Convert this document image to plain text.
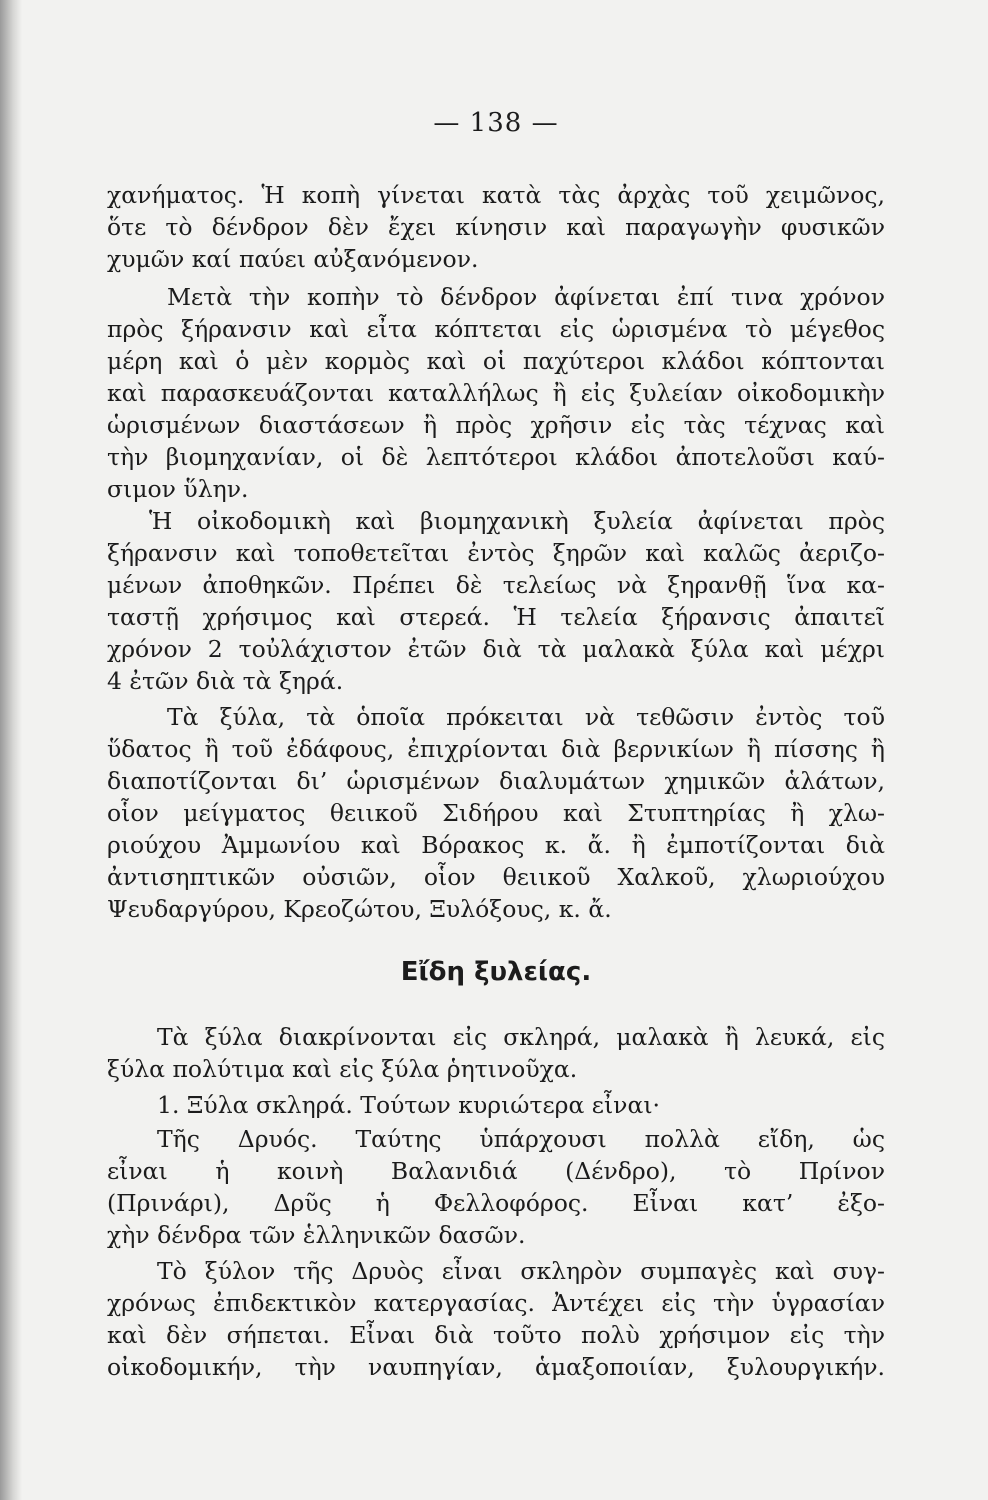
— 138 —
χανήματος. Ἡ κοπὴ γίνεται κατὰ τὰς ἀρχὰς τοῦ χειμῶνος,
ὅτε τὸ δένδρον δὲν ἔχει κίνησιν καὶ παραγωγὴν φυσικῶν
χυμῶν καί παύει αὐξανόμενον.
Μετὰ τὴν κοπὴν τὸ δένδρον ἀφίνεται ἐπί τινα χρόνον
πρὸς ξήρανσιν καὶ εἶτα κόπτεται εἰς ὡρισμένα τὸ μέγεθος
μέρη καὶ ὁ μὲν κορμὸς καὶ οἱ παχύτεροι κλάδοι κόπτονται
καὶ παρασκευάζονται καταλλήλως ἢ εἰς ξυλείαν οἰκοδομικὴν
ὡρισμένων διαστάσεων ἢ πρὸς χρῆσιν εἰς τὰς τέχνας καὶ
τὴν βιομηχανίαν, οἱ δὲ λεπτότεροι κλάδοι ἀποτελοῦσι καύ-
σιμον ὕλην.
Ἡ οἰκοδομικὴ καὶ βιομηχανικὴ ξυλεία ἀφίνεται πρὸς
ξήρανσιν καὶ τοποθετεῖται ἐντὸς ξηρῶν καὶ καλῶς ἀεριζο-
μένων ἀποθηκῶν. Πρέπει δὲ τελείως νὰ ξηρανθῇ ἵνα κα-
ταστῇ χρήσιμος καὶ στερεά. Ἡ τελεία ξήρανσις ἀπαιτεῖ
χρόνον 2 τοὐλάχιστον ἐτῶν διὰ τὰ μαλακὰ ξύλα καὶ μέχρι
4 ἐτῶν διὰ τὰ ξηρά.
Τὰ ξύλα, τὰ ὁποῖα πρόκειται νὰ τεθῶσιν ἐντὸς τοῦ
ὕδατος ἢ τοῦ ἐδάφους, ἐπιχρίονται διὰ βερνικίων ἢ πίσσης ἢ
διαποτίζονται δι’ ὡρισμένων διαλυμάτων χημικῶν ἁλάτων,
οἷον μείγματος θειικοῦ Σιδήρου καὶ Στυπτηρίας ἢ χλω-
ριούχου Ἀμμωνίου καὶ Βόρακος κ. ἄ. ἢ ἐμποτίζονται διὰ
ἀντισηπτικῶν οὐσιῶν, οἷον θειικοῦ Χαλκοῦ, χλωριούχου
Ψευδαργύρου, Κρεοζώτου, Ξυλόξους, κ. ἄ.
Εἴδη ξυλείας.
Τὰ ξύλα διακρίνονται εἰς σκληρά, μαλακὰ ἢ λευκά, εἰς
ξύλα πολύτιμα καὶ εἰς ξύλα ῥητινοῦχα.
1. Ξύλα σκληρά. Τούτων κυριώτερα εἶναι·
Τῆς Δρυός. Ταύτης ὑπάρχουσι πολλὰ εἴδη, ὡς
εἶναι ἡ κοινὴ Βαλανιδιά (Δένδρο), τὸ Πρίνον
(Πρινάρι), Δρῦς ἡ Φελλοφόρος. Εἶναι κατ’ ἐξο-
χὴν δένδρα τῶν ἑλληνικῶν δασῶν.
Τὸ ξύλον τῆς Δρυὸς εἶναι σκληρὸν συμπαγὲς καὶ συγ-
χρόνως ἐπιδεκτικὸν κατεργασίας. Ἀντέχει εἰς τὴν ὑγρασίαν
καὶ δὲν σήπεται. Εἶναι διὰ τοῦτο πολὺ χρήσιμον εἰς τὴν
οἰκοδομικήν, τὴν ναυπηγίαν, ἁμαξοποιίαν, ξυλουργικήν.
